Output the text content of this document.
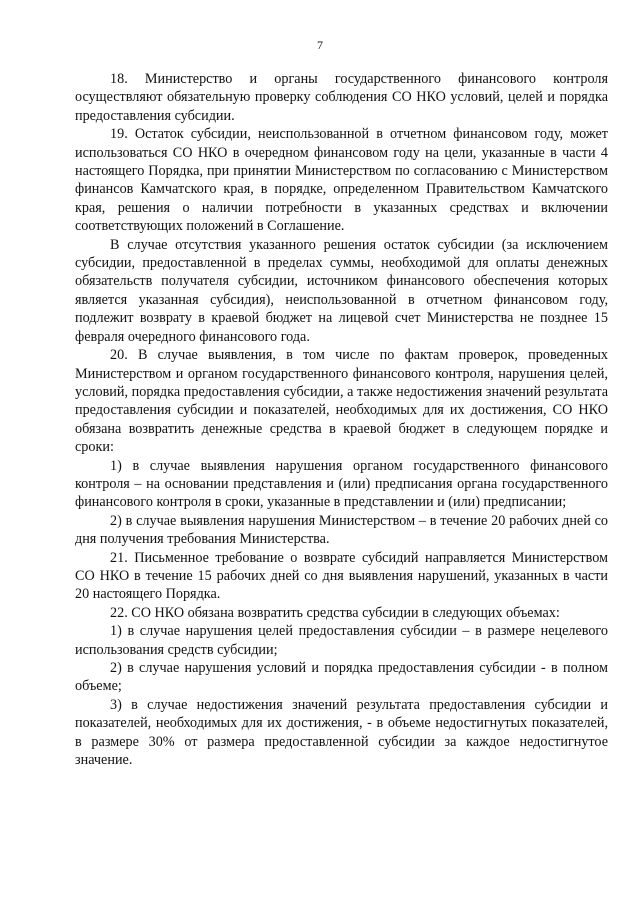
7

18. Министерство и органы государственного финансового контроля осуществляют обязательную проверку соблюдения СО НКО условий, целей и порядка предоставления субсидии.

19. Остаток субсидии, неиспользованной в отчетном финансовом году, может использоваться СО НКО в очередном финансовом году на цели, указанные в части 4 настоящего Порядка, при принятии Министерством по согласованию с Министерством финансов Камчатского края, в порядке, определенном Правительством Камчатского края, решения о наличии потребности в указанных средствах и включении соответствующих положений в Соглашение.

В случае отсутствия указанного решения остаток субсидии (за исключением субсидии, предоставленной в пределах суммы, необходимой для оплаты денежных обязательств получателя субсидии, источником финансового обеспечения которых является указанная субсидия), неиспользованной в отчетном финансовом году, подлежит возврату в краевой бюджет на лицевой счет Министерства не позднее 15 февраля очередного финансового года.

20. В случае выявления, в том числе по фактам проверок, проведенных Министерством и органом государственного финансового контроля, нарушения целей, условий, порядка предоставления субсидии, а также недостижения значений результата предоставления субсидии и показателей, необходимых для их достижения, СО НКО обязана возвратить денежные средства в краевой бюджет в следующем порядке и сроки:

1) в случае выявления нарушения органом государственного финансового контроля – на основании представления и (или) предписания органа государственного финансового контроля в сроки, указанные в представлении и (или) предписании;

2) в случае выявления нарушения Министерством – в течение 20 рабочих дней со дня получения требования Министерства.

21. Письменное требование о возврате субсидий направляется Министерством СО НКО в течение 15 рабочих дней со дня выявления нарушений, указанных в части 20 настоящего Порядка.

22. СО НКО обязана возвратить средства субсидии в следующих объемах:

1) в случае нарушения целей предоставления субсидии – в размере нецелевого использования средств субсидии;

2) в случае нарушения условий и порядка предоставления субсидии - в полном объеме;

3) в случае недостижения значений результата предоставления субсидии и показателей, необходимых для их достижения, - в объеме недостигнутых показателей, в размере 30% от размера предоставленной субсидии за каждое недостигнутое значение.
